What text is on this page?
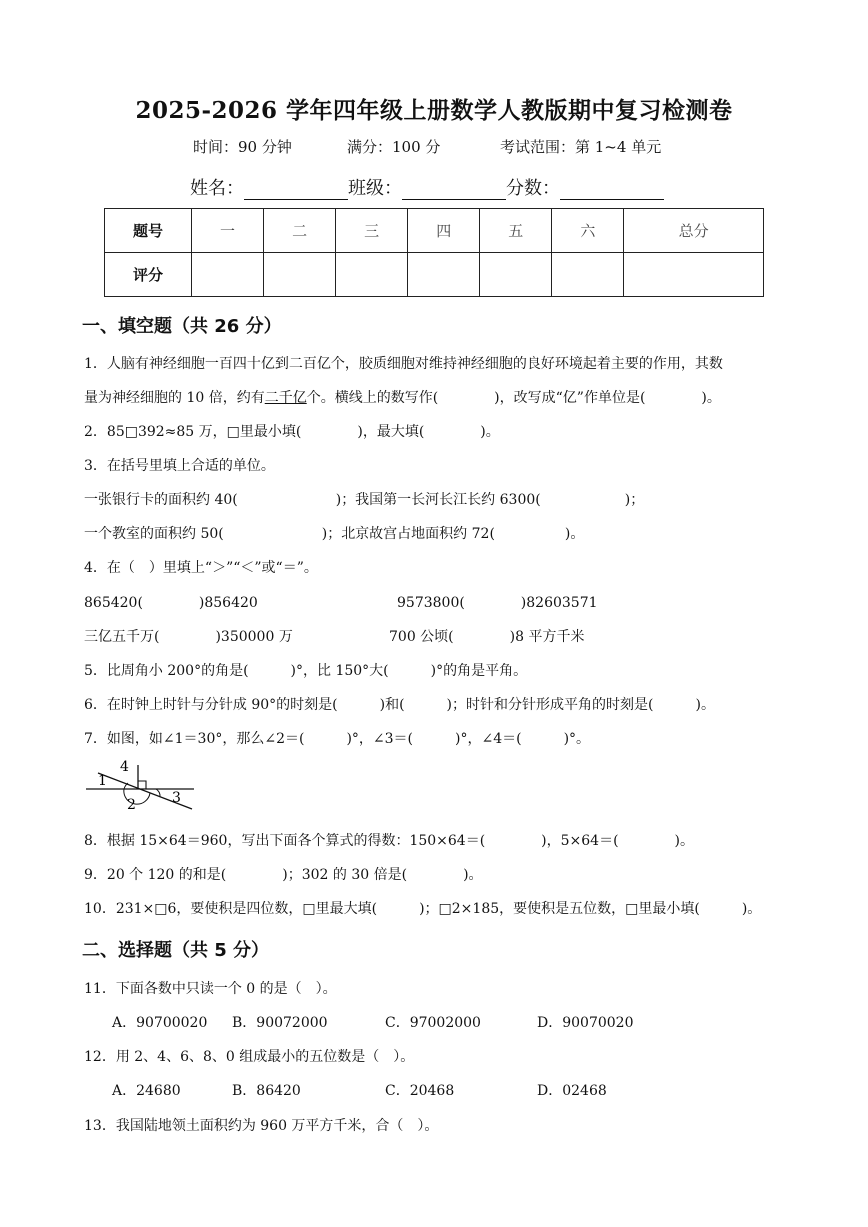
2025-2026 学年四年级上册数学人教版期中复习检测卷
时间：90 分钟	满分：100 分	考试范围：第 1~4 单元
姓名：	班级：	分数：
题号	一	二	三	四	五	六	总分
评分							
一、填空题（共 26 分）
1．人脑有神经细胞一百四十亿到二百亿个，胶质细胞对维持神经细胞的良好环境起着主要的作用，其数
量为神经细胞的 10 倍，约有二千亿个。横线上的数写作(　　　　)，改写成“亿”作单位是(　　　　)。
2．85□392≈85 万，□里最小填(　　　　)，最大填(　　　　)。
3．在括号里填上合适的单位。
一张银行卡的面积约 40(　　　　　　　)；我国第一长河长江长约 6300(　　　　　　)；
一个教室的面积约 50(　　　　　　　)；北京故宫占地面积约 72(　　　　　)。
4．在（　）里填上“＞”“＜”或“＝”。
865420(　　　　)856420	9573800(　　　　)82603571
三亿五千万(　　　　)350000 万	700 公顷(　　　　)8 平方千米
5．比周角小 200°的角是(　　　)°，比 150°大(　　　)°的角是平角。
6．在时钟上时针与分针成 90°的时刻是(　　　)和(　　　)；时针和分针形成平角的时刻是(　　　)。
7．如图，如∠1＝30°，那么∠2＝(　　　)°，∠3＝(　　　)°，∠4＝(　　　)°。
1
4
2	3
8．根据 15×64＝960，写出下面各个算式的得数：150×64＝(　　　　)，5×64＝(　　　　)。
9．20 个 120 的和是(　　　　)；302 的 30 倍是(　　　　)。
10．231×□6，要使积是四位数，□里最大填(　　　)；□2×185，要使积是五位数，□里最小填(　　　)。
二、选择题（共 5 分）
11．下面各数中只读一个 0 的是（　）。
A．90700020 B．90072000	C．97002000	D．90070020
12．用 2、4、6、8、0 组成最小的五位数是（　）。
A．24680	B．86420	C．20468	D．02468
13．我国陆地领土面积约为 960 万平方千米，合（　）。
